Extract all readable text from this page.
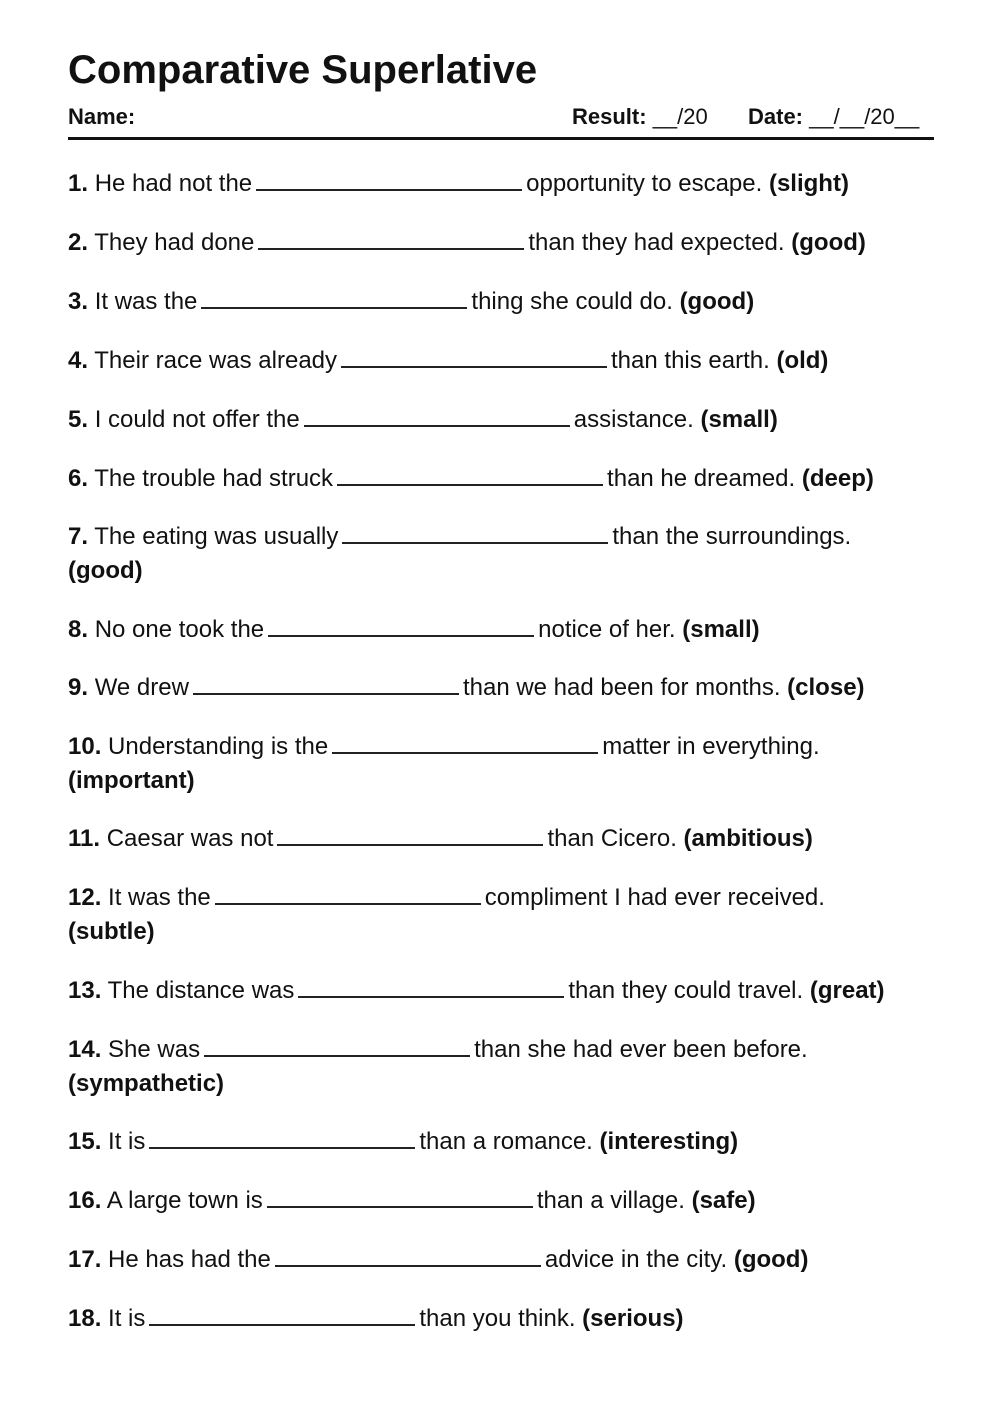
Comparative Superlative
Name:	Result: __/20 Date: __/__/20__
1. He had not the	opportunity to escape. (slight)
2. They had done	than they had expected. (good)
3. It was the	thing she could do. (good)
4. Their race was already	than this earth. (old)
5. I could not offer the	assistance. (small)
6. The trouble had struck	than he dreamed. (deep)
7. The eating was usually	than the surroundings.
(good)
8. No one took the	notice of her. (small)
9. We drew	than we had been for months. (close)
10. Understanding is the	matter in everything.
(important)
11. Caesar was not	than Cicero. (ambitious)
12. It was the	compliment I had ever received.
(subtle)
13. The distance was	than they could travel. (great)
14. She was	than she had ever been before.
(sympathetic)
15. It is	than a romance. (interesting)
16. A large town is	than a village. (safe)
17. He has had the	advice in the city. (good)
18. It is	than you think. (serious)
